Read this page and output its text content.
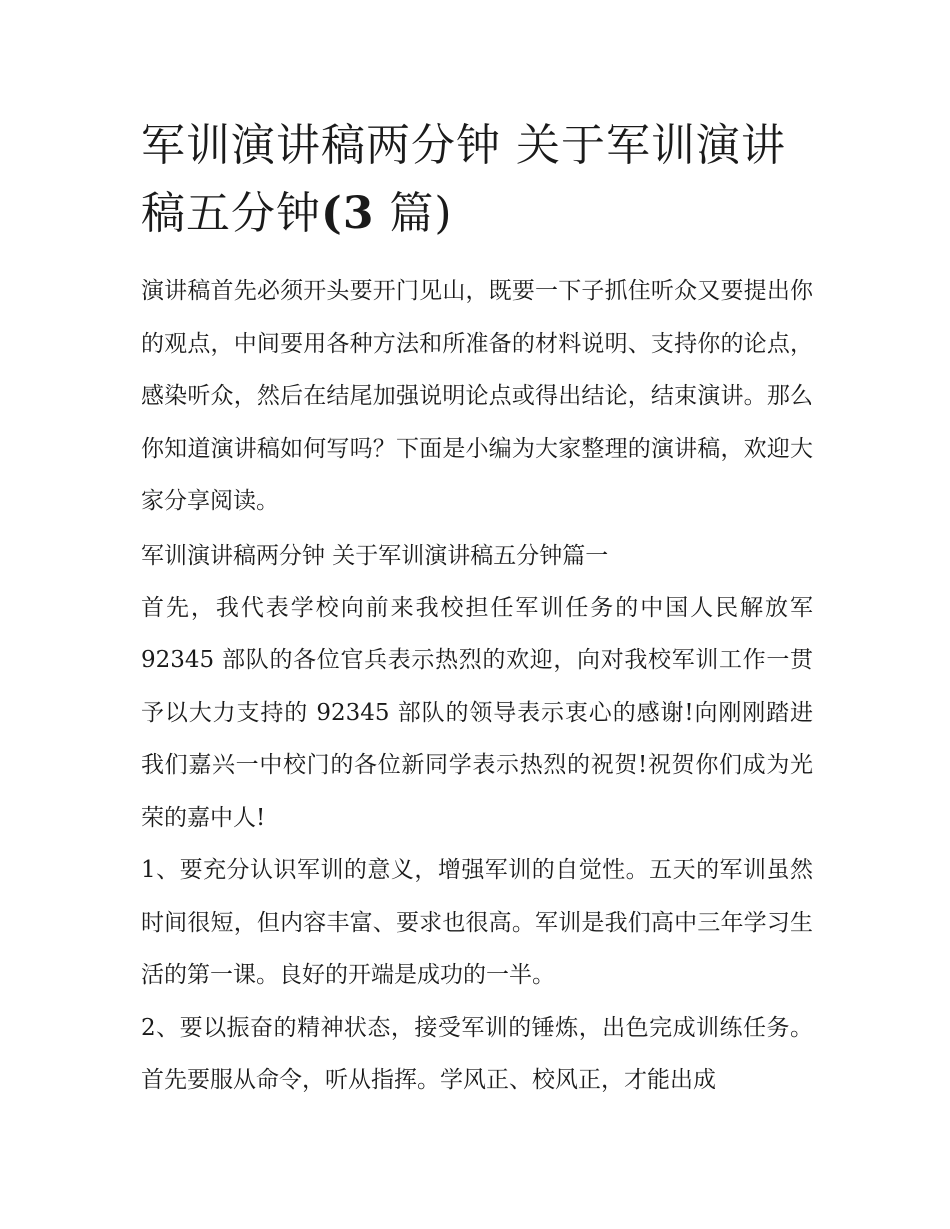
军训演讲稿两分钟 关于军训演讲稿五分钟(3 篇)

演讲稿首先必须开头要开门见山，既要一下子抓住听众又要提出你的观点，中间要用各种方法和所准备的材料说明、支持你的论点，感染听众，然后在结尾加强说明论点或得出结论，结束演讲。那么你知道演讲稿如何写吗？下面是小编为大家整理的演讲稿，欢迎大家分享阅读。

军训演讲稿两分钟 关于军训演讲稿五分钟篇一

首先，我代表学校向前来我校担任军训任务的中国人民解放军 92345 部队的各位官兵表示热烈的欢迎，向对我校军训工作一贯予以大力支持的 92345 部队的领导表示衷心的感谢!向刚刚踏进我们嘉兴一中校门的各位新同学表示热烈的祝贺!祝贺你们成为光荣的嘉中人!

1、要充分认识军训的意义，增强军训的自觉性。五天的军训虽然时间很短，但内容丰富、要求也很高。军训是我们高中三年学习生活的第一课。良好的开端是成功的一半。

2、要以振奋的精神状态，接受军训的锤炼，出色完成训练任务。首先要服从命令，听从指挥。学风正、校风正，才能出成
